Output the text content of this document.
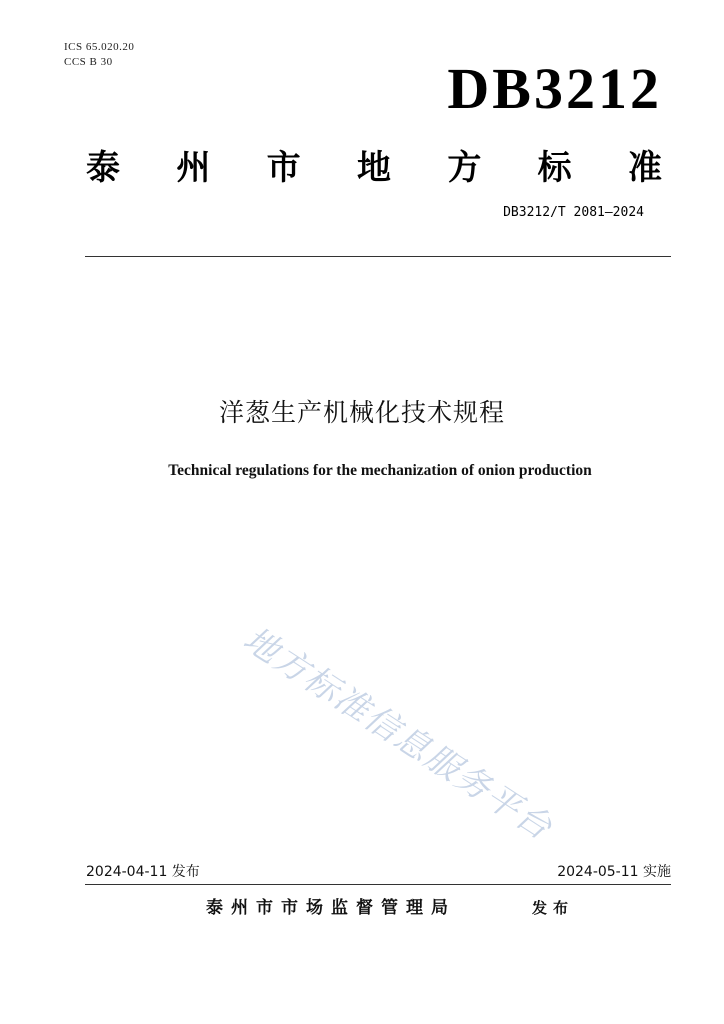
ICS 65.020.20
CCS B 30	DB3212
泰 州 市 地 方 标 准
DB3212/T 2081—2024
洋葱生产机械化技术规程
Technical regulations for the mechanization of onion production
地方标准信息服务平台
2024-04-11 发布	2024-05-11 实施
泰州市市场监督管理局	发布
